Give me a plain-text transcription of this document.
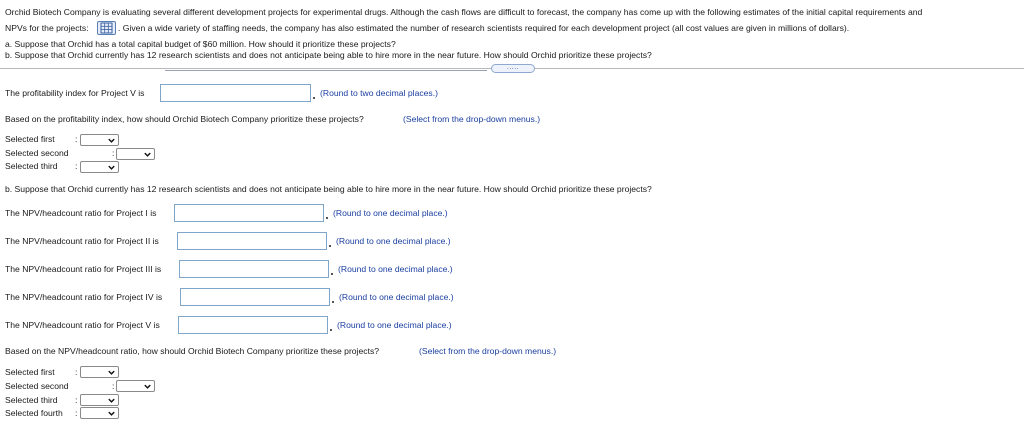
Orchid Biotech Company is evaluating several different development projects for experimental drugs. Although the cash flows are difficult to forecast, the company has come up with the following estimates of the initial capital requirements and
NPVs for the projects:	. Given a wide variety of staffing needs, the company has also estimated the number of research scientists required for each development project (all cost values are given in millions of dollars).
a. Suppose that Orchid has a total capital budget of $60 million. How should it prioritize these projects?
b. Suppose that Orchid currently has 12 research scientists and does not anticipate being able to hire more in the near future. How should Orchid prioritize these projects?
.....
The profitability index for Project V is	(Round to two decimal places.)
Based on the profitability index, how should Orchid Biotech Company prioritize these projects?	(Select from the drop-down menus.)
Selected first :
Selected second	:
Selected third :
b. Suppose that Orchid currently has 12 research scientists and does not anticipate being able to hire more in the near future. How should Orchid prioritize these projects?
The NPV/headcount ratio for Project I is	(Round to one decimal place.)
The NPV/headcount ratio for Project II is	(Round to one decimal place.)
The NPV/headcount ratio for Project III is	(Round to one decimal place.)
The NPV/headcount ratio for Project IV is	(Round to one decimal place.)
The NPV/headcount ratio for Project V is	(Round to one decimal place.)
Based on the NPV/headcount ratio, how should Orchid Biotech Company prioritize these projects?	(Select from the drop-down menus.)
Selected first :
Selected second	:
Selected third :
Selected fourth :
